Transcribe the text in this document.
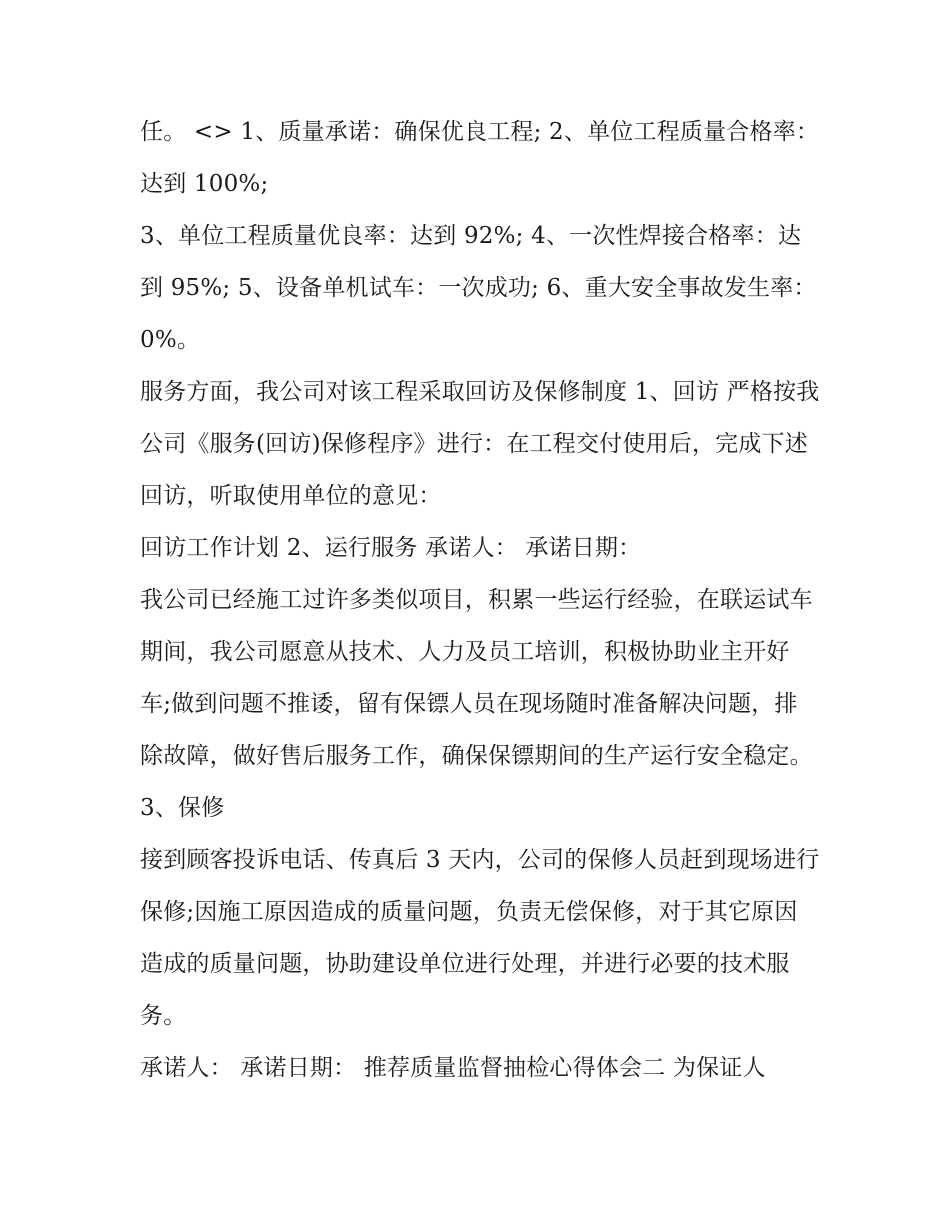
任。 <> 1、质量承诺：确保优良工程; 2、单位工程质量合格率：达到 100%;

3、单位工程质量优良率：达到 92%; 4、一次性焊接合格率：达到 95%; 5、设备单机试车：一次成功; 6、重大安全事故发生率：0%。

服务方面，我公司对该工程采取回访及保修制度 1、回访 严格按我公司《服务(回访)保修程序》进行：在工程交付使用后，完成下述回访，听取使用单位的意见：

回访工作计划 2、运行服务 承诺人： 承诺日期：

我公司已经施工过许多类似项目，积累一些运行经验，在联运试车期间，我公司愿意从技术、人力及员工培训，积极协助业主开好车;做到问题不推诿，留有保镖人员在现场随时准备解决问题，排除故障，做好售后服务工作，确保保镖期间的生产运行安全稳定。

3、保修

接到顾客投诉电话、传真后 3 天内，公司的保修人员赶到现场进行保修;因施工原因造成的质量问题，负责无偿保修，对于其它原因造成的质量问题，协助建设单位进行处理，并进行必要的技术服务。

承诺人： 承诺日期： 推荐质量监督抽检心得体会二 为保证人
